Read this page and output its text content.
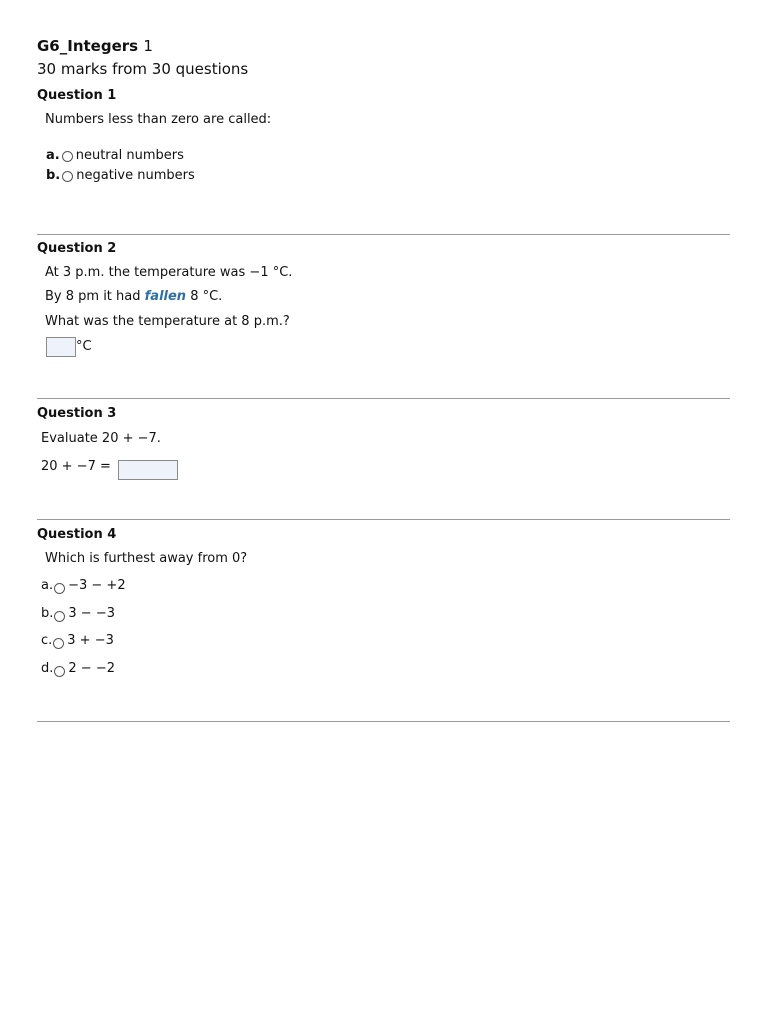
G6_Integers 1
30 marks from 30 questions
Question 1
Numbers less than zero are called:
a. neutral numbers
b. negative numbers
Question 2
At 3 p.m. the temperature was −1 °C.
By 8 pm it had fallen 8 °C.
What was the temperature at 8 p.m.?
°C
Question 3
Evaluate 20 + −7.
20 + −7 =
Question 4
Which is furthest away from 0?
a. −3 − +2
b. 3 − −3
c. 3 + −3
d. 2 − −2
